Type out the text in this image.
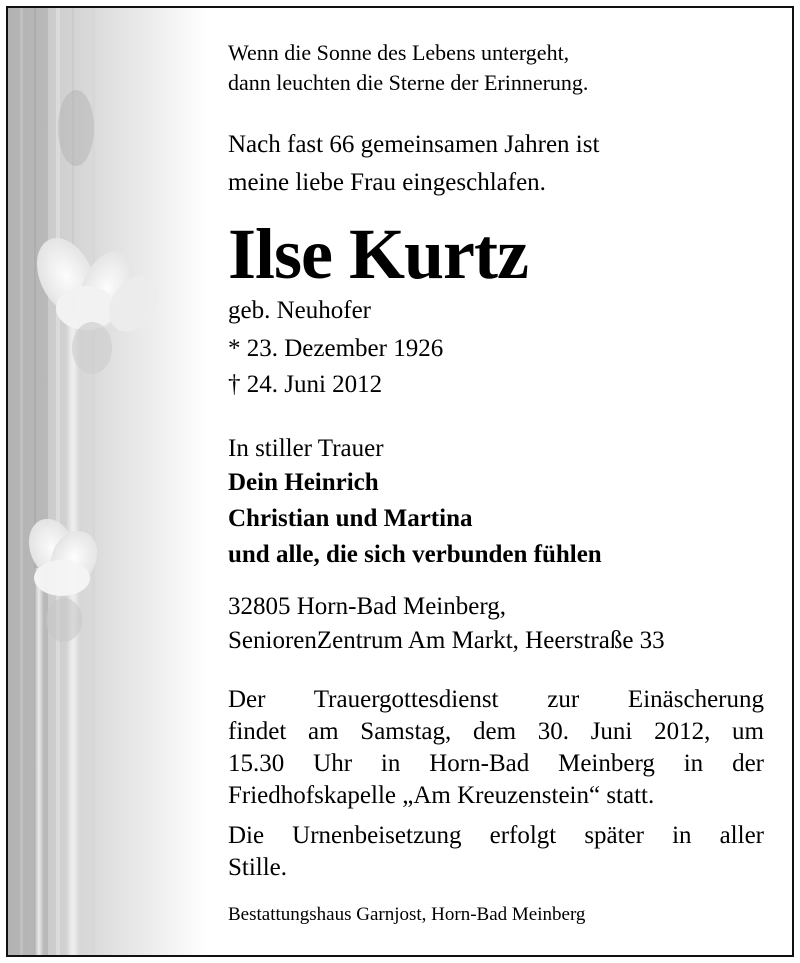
Wenn die Sonne des Lebens untergeht,

dann leuchten die Sterne der Erinnerung.

Nach fast 66 gemeinsamen Jahren ist

meine liebe Frau eingeschlafen.

Ilse Kurtz

geb. Neuhofer

* 23. Dezember 1926

† 24. Juni 2012

In stiller Trauer

Dein Heinrich

Christian und Martina

und alle, die sich verbunden fühlen

32805 Horn-Bad Meinberg,

SeniorenZentrum Am Markt, Heerstraße 33

Der Trauergottesdienst zur Einäscherung
findet am Samstag, dem 30. Juni 2012, um
15.30 Uhr in Horn-Bad Meinberg in der
Friedhofskapelle „Am Kreuzenstein“ statt.
Die Urnenbeisetzung erfolgt später in aller
Stille.

Bestattungshaus Garnjost, Horn-Bad Meinberg
